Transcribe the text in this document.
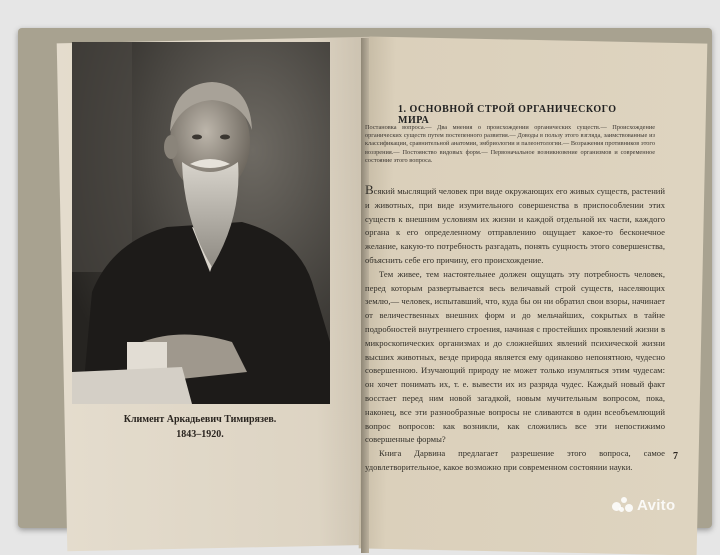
Климент Аркадьевич Тимирязев.
1843–1920.
1. ОСНОВНОЙ СТРОЙ ОРГАНИЧЕСКОГО МИРА
Постановка вопроса.— Два мнения о происхождении органических существ.— Происхождение органических существ путем постепенного развития.— Доводы в пользу этого взгляда, заимствованные из классификации, сравнительной анатомии, эмбриологии и палеонтологии.— Возражения противников этого воззрения.— Постоянство видовых форм.— Первоначальное возникновение организмов и современное состояние этого вопроса.

Всякий мыслящий человек при виде окружающих его живых существ, растений и животных, при виде изумительного совершенства в приспособлении этих существ к внешним условиям их жизни и каждой отдельной их части, каждого органа к его определенному отправлению ощущает какое-то бесконечное желание, какую-то потребность разгадать, понять сущность этого совершенства, объяснить себе его причину, его происхождение.

Тем живее, тем настоятельнее должен ощущать эту потребность человек, перед которым развертывается весь величавый строй существ, населяющих землю,— человек, испытавший, что, куда бы он ни обратил свои взоры, начинает от величественных внешних форм и до мельчайших, сокрытых в тайне подробностей внутреннего строения, начиная с простейших проявлений жизни в микроскопических организмах и до сложнейших явлений психической жизни высших животных, везде природа является ему одинаково непонятною, чудесно совершенною. Изучающий природу не может только изумляться этим чудесам: он хочет понимать их, т. е. вывести их из разряда чудес. Каждый новый факт восстает перед ним новой загадкой, новым мучительным вопросом, пока, наконец, все эти разнообразные вопросы не сливаются в один всеобъемлющий вопрос вопросов: как возникли, как сложились все эти непостижимо совершенные формы?

Книга Дарвина предлагает разрешение этого вопроса, самое удовлетворительное, какое возможно при современном состоянии науки.

7
Avito
